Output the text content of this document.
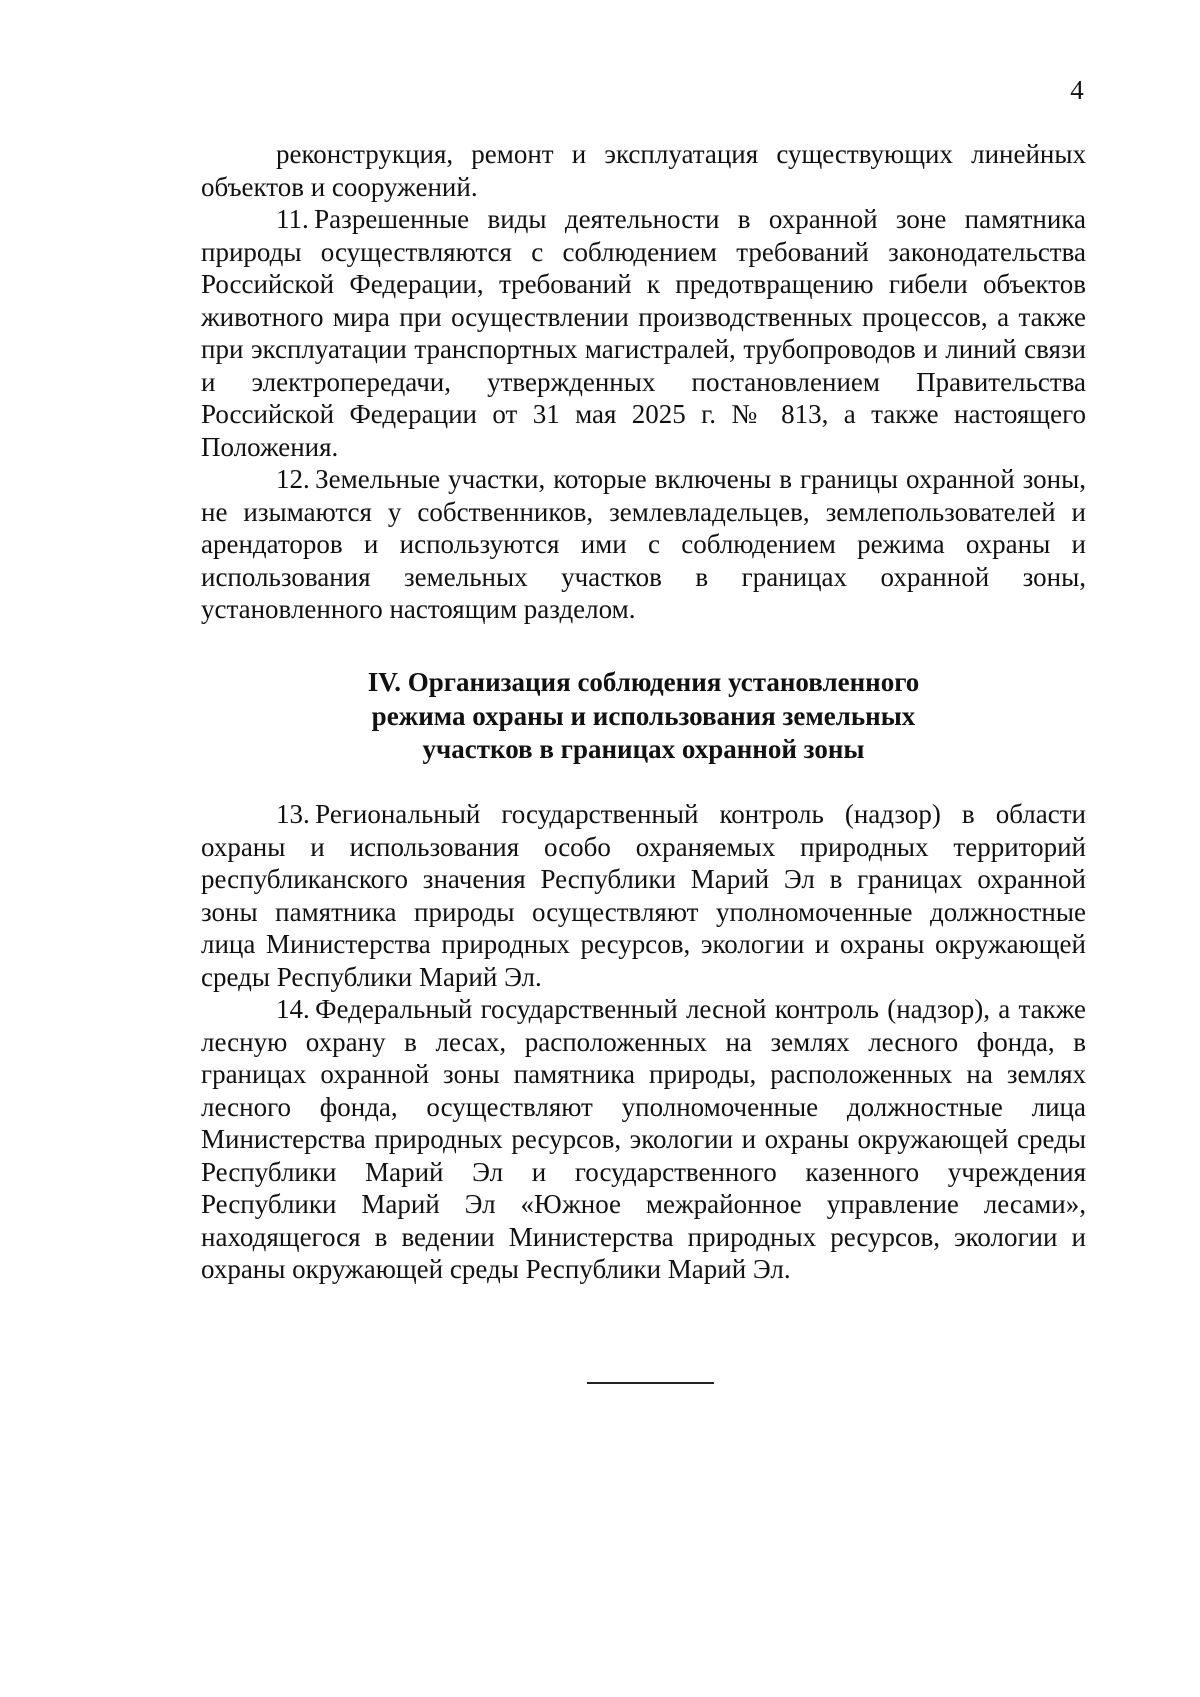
4

реконструкция, ремонт и эксплуатация существующих линейных объектов и сооружений.

11.  Разрешенные виды деятельности в охранной зоне памятника природы осуществляются с соблюдением требований законодательства Российской Федерации, требований к предотвращению гибели объектов животного мира при осуществлении производственных процессов, а также при эксплуатации транспортных магистралей, трубопроводов и линий связи и электропередачи, утвержденных постановлением Правительства Российской Федерации от 31 мая 2025 г. № 813, а также настоящего Положения.

12.  Земельные участки, которые включены в границы охранной зоны, не изымаются у собственников, землевладельцев, землепользователей и арендаторов и используются ими с соблюдением режима охраны и использования земельных участков в границах охранной зоны, установленного настоящим разделом.

IV. Организация соблюдения установленного
режима охраны и использования земельных
участков в границах охранной зоны

13.  Региональный государственный контроль (надзор) в области охраны и использования особо охраняемых природных территорий республиканского значения Республики Марий Эл в границах охранной зоны памятника природы осуществляют уполномоченные должностные лица Министерства природных ресурсов, экологии и охраны окружающей среды Республики Марий Эл.

14.  Федеральный государственный лесной контроль (надзор), а также лесную охрану в лесах, расположенных на землях лесного фонда, в границах охранной зоны памятника природы, расположенных на землях лесного фонда, осуществляют уполномоченные должностные лица Министерства природных ресурсов, экологии и охраны окружающей среды Республики Марий Эл и государственного казенного учреждения Республики Марий Эл «Южное межрайонное управление лесами», находящегося в ведении Министерства природных ресурсов, экологии и охраны окружающей среды Республики Марий Эл.
